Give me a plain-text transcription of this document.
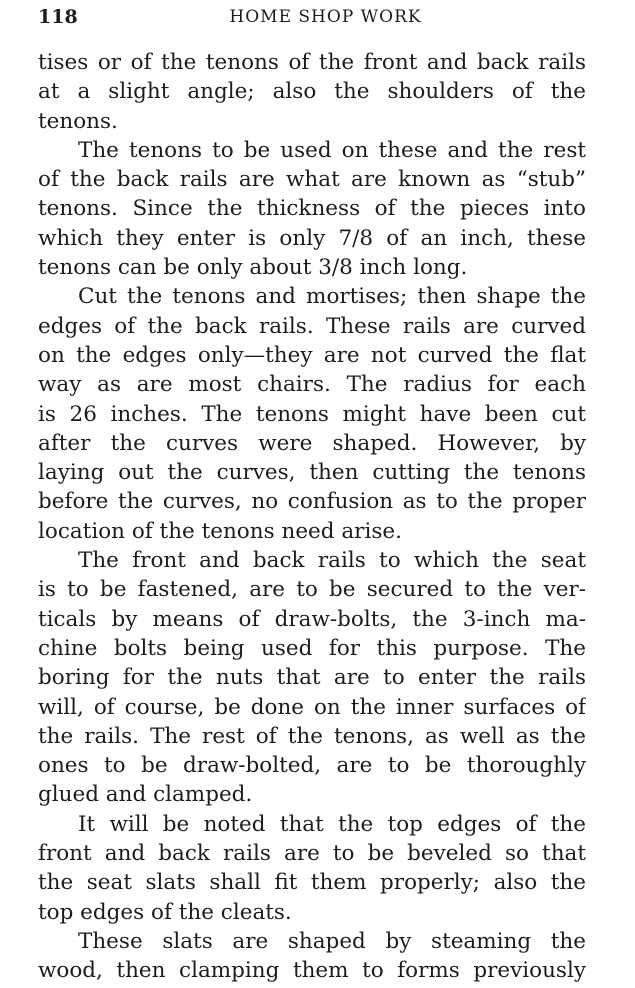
118	HOME SHOP WORK
tises or of the tenons of the front and back rails
at a slight angle; also the shoulders of the
tenons.
The tenons to be used on these and the rest
of the back rails are what are known as “stub”
tenons. Since the thickness of the pieces into
which they enter is only 7/8 of an inch, these
tenons can be only about 3/8 inch long.
Cut the tenons and mortises; then shape the
edges of the back rails. These rails are curved
on the edges only—they are not curved the flat
way as are most chairs. The radius for each
is 26 inches. The tenons might have been cut
after the curves were shaped. However, by
laying out the curves, then cutting the tenons
before the curves, no confusion as to the proper
location of the tenons need arise.
The front and back rails to which the seat
is to be fastened, are to be secured to the ver-
ticals by means of draw-bolts, the 3-inch ma-
chine bolts being used for this purpose. The
boring for the nuts that are to enter the rails
will, of course, be done on the inner surfaces of
the rails. The rest of the tenons, as well as the
ones to be draw-bolted, are to be thoroughly
glued and clamped.
It will be noted that the top edges of the
front and back rails are to be beveled so that
the seat slats shall fit them properly; also the
top edges of the cleats.
These slats are shaped by steaming the
wood, then clamping them to forms previously
